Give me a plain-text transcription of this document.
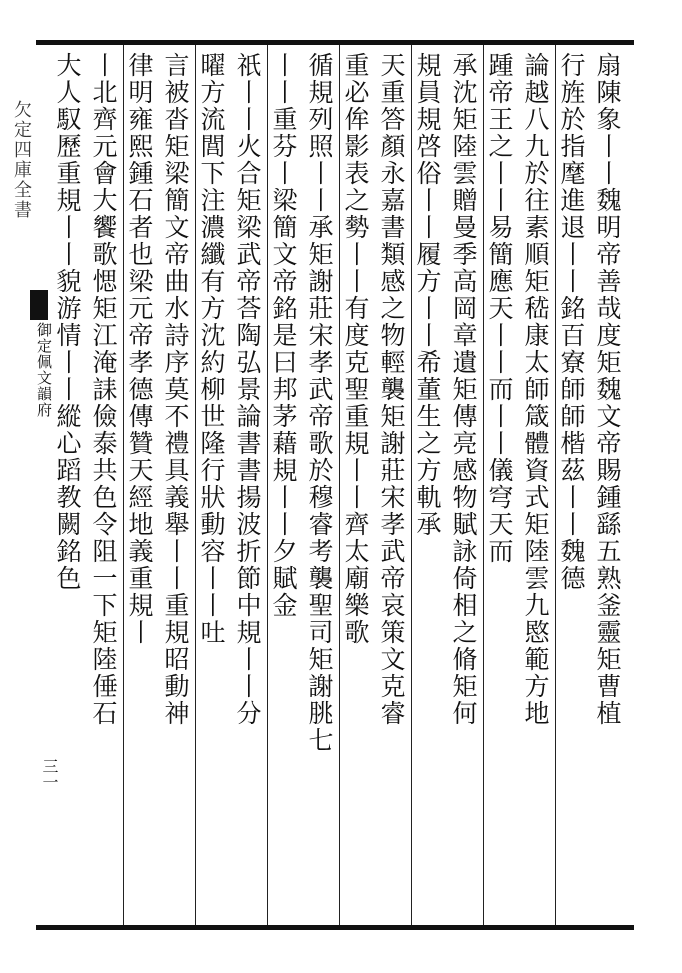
欠定四庫全書
御定佩文韻府
三一
扇陳象丨丨魏明帝善哉度矩魏文帝賜鍾繇五熟釜靈矩曹植
行旌於指麾進退丨丨銘百寮師師楷茲丨丨魏德
論越八九於往素順矩嵇康太師箴體資式矩陸雲九愍範方地
踵帝王之丨丨易簡應天丨丨而丨丨儀穹天而
承沈矩陸雲贈曼季高岡章遺矩傳亮感物賦詠倚相之脩矩何
規員規啓俗丨丨履方丨丨希董生之方軌承
天重答顏永嘉書類感之物輕襲矩謝莊宋孝武帝哀策文克睿
重必侔影表之勢丨丨有度克聖重規丨丨齊太廟樂歌
循規列照丨丨承矩謝莊宋孝武帝歌於穆睿考襲聖司矩謝朓七
丨丨重芬丨梁簡文帝銘是曰邦茅藉規丨丨夕賦金
祇丨丨火合矩梁武帝荅陶弘景論書書揚波折節中規丨丨分
曜方流閭下注濃纖有方沈約柳世隆行狀動容丨丨吐
言被沓矩梁簡文帝曲水詩序莫不禮具義舉丨丨重規昭動神
律明雍熙鍾石者也梁元帝孝德傳贊天經地義重規丨
丨北齊元會大饗歌愢矩江淹誄儉泰共色令阻一下矩陸倕石
大人馭歷重規丨丨貌游情丨丨縱心蹈教闕銘色
